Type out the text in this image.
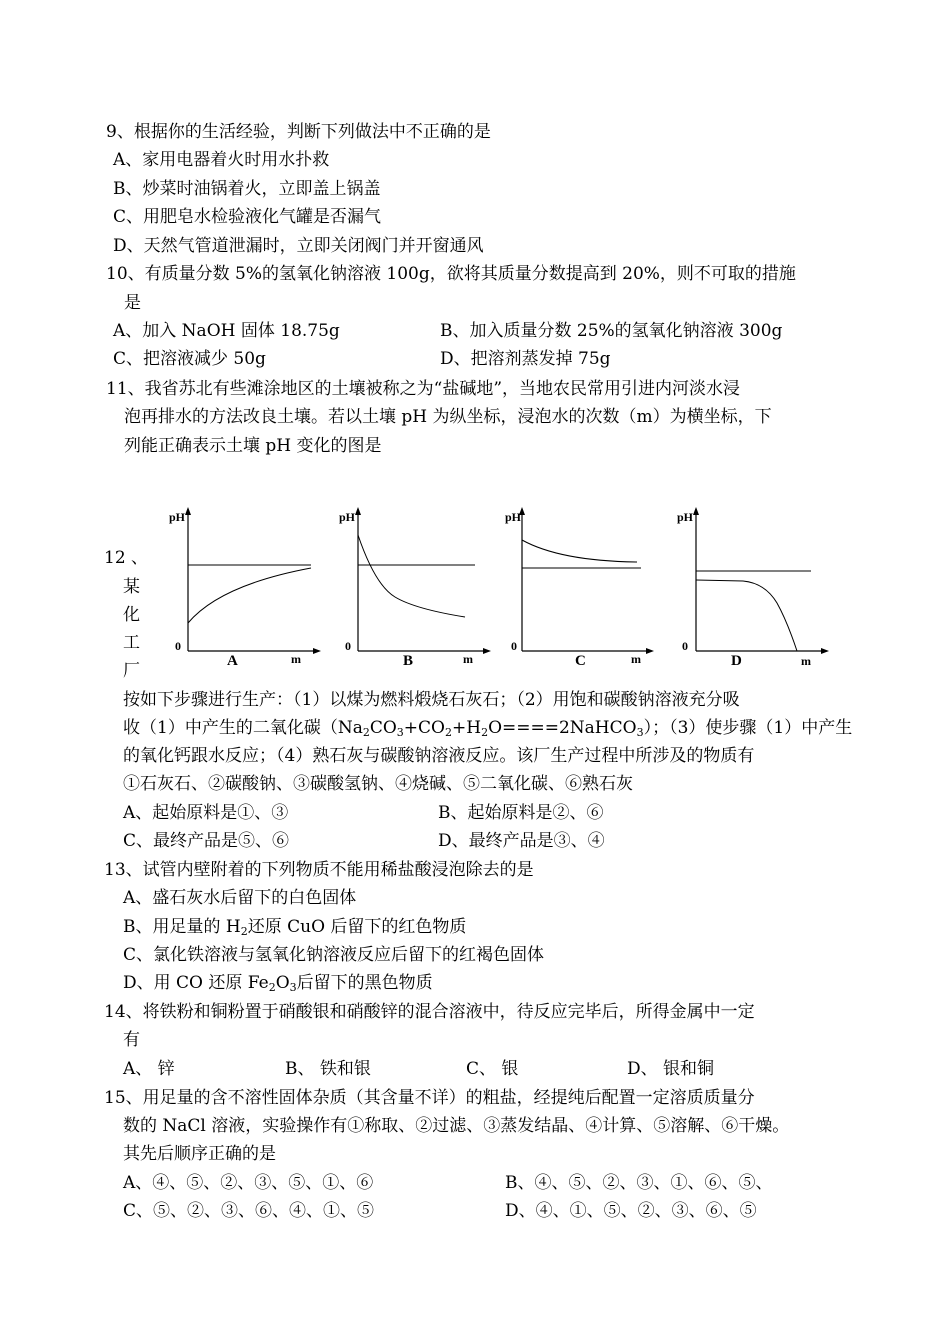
9、根据你的生活经验，判断下列做法中不正确的是
A、家用电器着火时用水扑救
B、炒菜时油锅着火，立即盖上锅盖
C、用肥皂水检验液化气罐是否漏气
D、天然气管道泄漏时，立即关闭阀门并开窗通风
10、有质量分数 5%的氢氧化钠溶液 100g，欲将其质量分数提高到 20%，则不可取的措施
是
A、加入 NaOH 固体 18.75g	B、加入质量分数 25%的氢氧化钠溶液 300g
C、把溶液减少 50g	D、把溶剂蒸发掉 75g
11、我省苏北有些滩涂地区的土壤被称之为“盐碱地”，当地农民常用引进内河淡水浸
泡再排水的方法改良土壤。若以土壤 pH 为纵坐标，浸泡水的次数（m）为横坐标，下
列能正确表示土壤 pH 变化的图是
pH
0
m
A
pH
0
m
B
pH
0
m
C
pH
0
m
D
12 、
某
化
工
厂
按如下步骤进行生产：（1）以煤为燃料煅烧石灰石；（2）用饱和碳酸钠溶液充分吸
收（1）中产生的二氧化碳$(Na_2CO_3+CO_2+H_2O====2NaHCO_3)$；（3）使步骤（1）中产生
的氧化钙跟水反应；（4）熟石灰与碳酸钠溶液反应。该厂生产过程中所涉及的物质有
①石灰石、②碳酸钠、③碳酸氢钠、④烧碱、⑤二氧化碳、⑥熟石灰
A、起始原料是①、③	B、起始原料是②、⑥
C、最终产品是⑤、⑥	D、最终产品是③、④
13、试管内壁附着的下列物质不能用稀盐酸浸泡除去的是
A、盛石灰水后留下的白色固体
B、用足量的 $H_2$还原 CuO 后留下的红色物质
C、氯化铁溶液与氢氧化钠溶液反应后留下的红褐色固体
D、用 CO 还原 $Fe_2O_3$后留下的黑色物质
14、将铁粉和铜粉置于硝酸银和硝酸锌的混合溶液中，待反应完毕后，所得金属中一定
有
A、 锌	B、 铁和银	C、 银	D、 银和铜
15、用足量的含不溶性固体杂质（其含量不详）的粗盐，经提纯后配置一定溶质质量分
数的 NaCl 溶液，实验操作有①称取、②过滤、③蒸发结晶、④计算、⑤溶解、⑥干燥。
其先后顺序正确的是
A、④、⑤、②、③、⑤、①、⑥	B、④、⑤、②、③、①、⑥、⑤、
C、⑤、②、③、⑥、④、①、⑤	D、④、①、⑤、②、③、⑥、⑤
